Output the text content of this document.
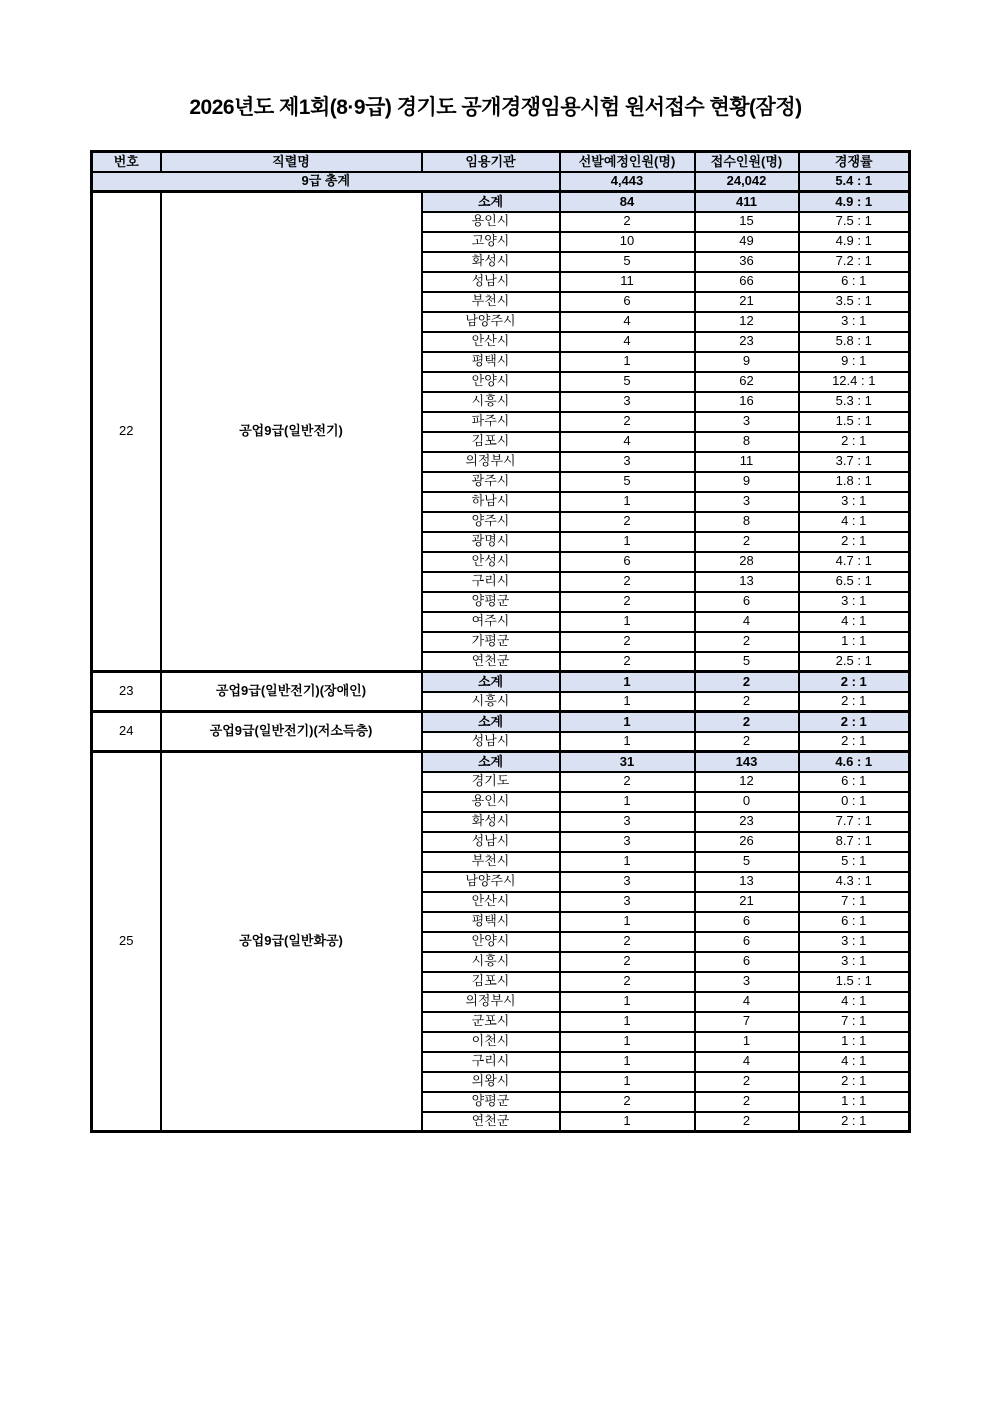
2026년도 제1회(8·9급) 경기도 공개경쟁임용시험 원서접수 현황(잠정)
번호	직렬명	임용기관	선발예정인원(명)	접수인원(명)	경쟁률
9급 총계			4,443	24,042	5.4 : 1
22	공업9급(일반전기)	소계	84	411	4.9 : 1
		용인시	2	15	7.5 : 1
		고양시	10	49	4.9 : 1
		화성시	5	36	7.2 : 1
		성남시	11	66	6 : 1
		부천시	6	21	3.5 : 1
		남양주시	4	12	3 : 1
		안산시	4	23	5.8 : 1
		평택시	1	9	9 : 1
		안양시	5	62	12.4 : 1
		시흥시	3	16	5.3 : 1
		파주시	2	3	1.5 : 1
		김포시	4	8	2 : 1
		의정부시	3	11	3.7 : 1
		광주시	5	9	1.8 : 1
		하남시	1	3	3 : 1
		양주시	2	8	4 : 1
		광명시	1	2	2 : 1
		안성시	6	28	4.7 : 1
		구리시	2	13	6.5 : 1
		양평군	2	6	3 : 1
		여주시	1	4	4 : 1
		가평군	2	2	1 : 1
		연천군	2	5	2.5 : 1
23	공업9급(일반전기)(장애인)	소계	1	2	2 : 1
		시흥시	1	2	2 : 1
24	공업9급(일반전기)(저소득층)	소계	1	2	2 : 1
		성남시	1	2	2 : 1
25	공업9급(일반화공)	소계	31	143	4.6 : 1
		경기도	2	12	6 : 1
		용인시	1	0	0 : 1
		화성시	3	23	7.7 : 1
		성남시	3	26	8.7 : 1
		부천시	1	5	5 : 1
		남양주시	3	13	4.3 : 1
		안산시	3	21	7 : 1
		평택시	1	6	6 : 1
		안양시	2	6	3 : 1
		시흥시	2	6	3 : 1
		김포시	2	3	1.5 : 1
		의정부시	1	4	4 : 1
		군포시	1	7	7 : 1
		이천시	1	1	1 : 1
		구리시	1	4	4 : 1
		의왕시	1	2	2 : 1
		양평군	2	2	1 : 1
		연천군	1	2	2 : 1
